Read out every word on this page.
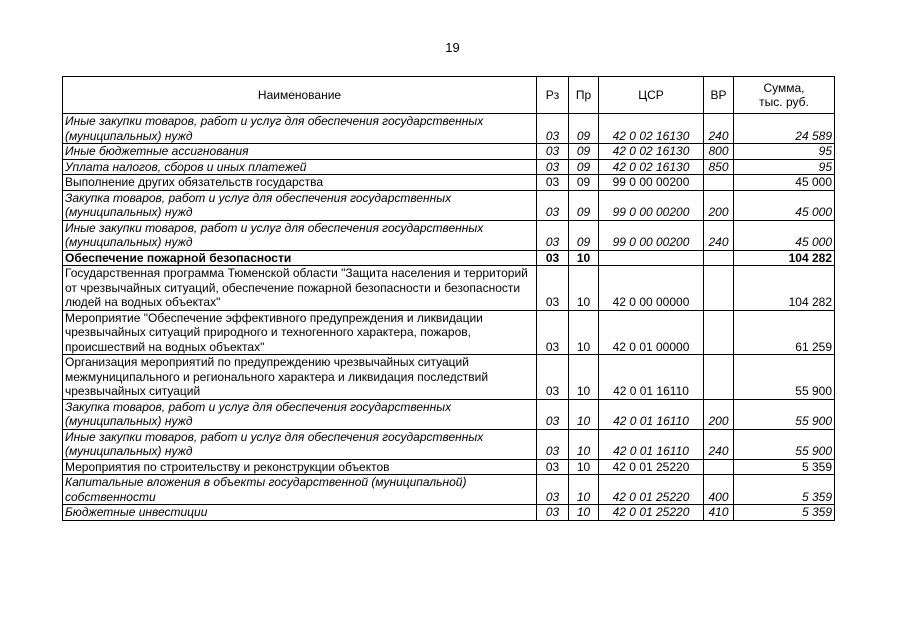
19
Наименование	Рз	Пр	ЦСР	ВР	Сумма,
тыс. руб.
Иные закупки товаров, работ и услуг для обеспечения государственных (муниципальных) нужд	03	09	42 0 02 16130	240	24 589
Иные бюджетные ассигнования	03	09	42 0 02 16130	800	95
Уплата налогов, сборов и иных платежей	03	09	42 0 02 16130	850	95
Выполнение других обязательств государства	03	09	99 0 00 00200		45 000
Закупка товаров, работ и услуг для обеспечения государственных (муниципальных) нужд	03	09	99 0 00 00200	200	45 000
Иные закупки товаров, работ и услуг для обеспечения государственных (муниципальных) нужд	03	09	99 0 00 00200	240	45 000
Обеспечение пожарной безопасности	03	10			104 282
Государственная программа Тюменской области "Защита населения и территорий от чрезвычайных ситуаций, обеспечение пожарной безопасности и безопасности людей на водных объектах"	03	10	42 0 00 00000		104 282
Мероприятие "Обеспечение эффективного предупреждения и ликвидации чрезвычайных ситуаций природного и техногенного характера, пожаров, происшествий на водных объектах"	03	10	42 0 01 00000		61 259
Организация мероприятий по предупреждению чрезвычайных ситуаций межмуниципального и регионального характера и ликвидация последствий чрезвычайных ситуаций	03	10	42 0 01 16110		55 900
Закупка товаров, работ и услуг для обеспечения государственных (муниципальных) нужд	03	10	42 0 01 16110	200	55 900
Иные закупки товаров, работ и услуг для обеспечения государственных (муниципальных) нужд	03	10	42 0 01 16110	240	55 900
Мероприятия по строительству и реконструкции объектов	03	10	42 0 01 25220		5 359
Капитальные вложения в объекты государственной (муниципальной) собственности	03	10	42 0 01 25220	400	5 359
Бюджетные инвестиции	03	10	42 0 01 25220	410	5 359
